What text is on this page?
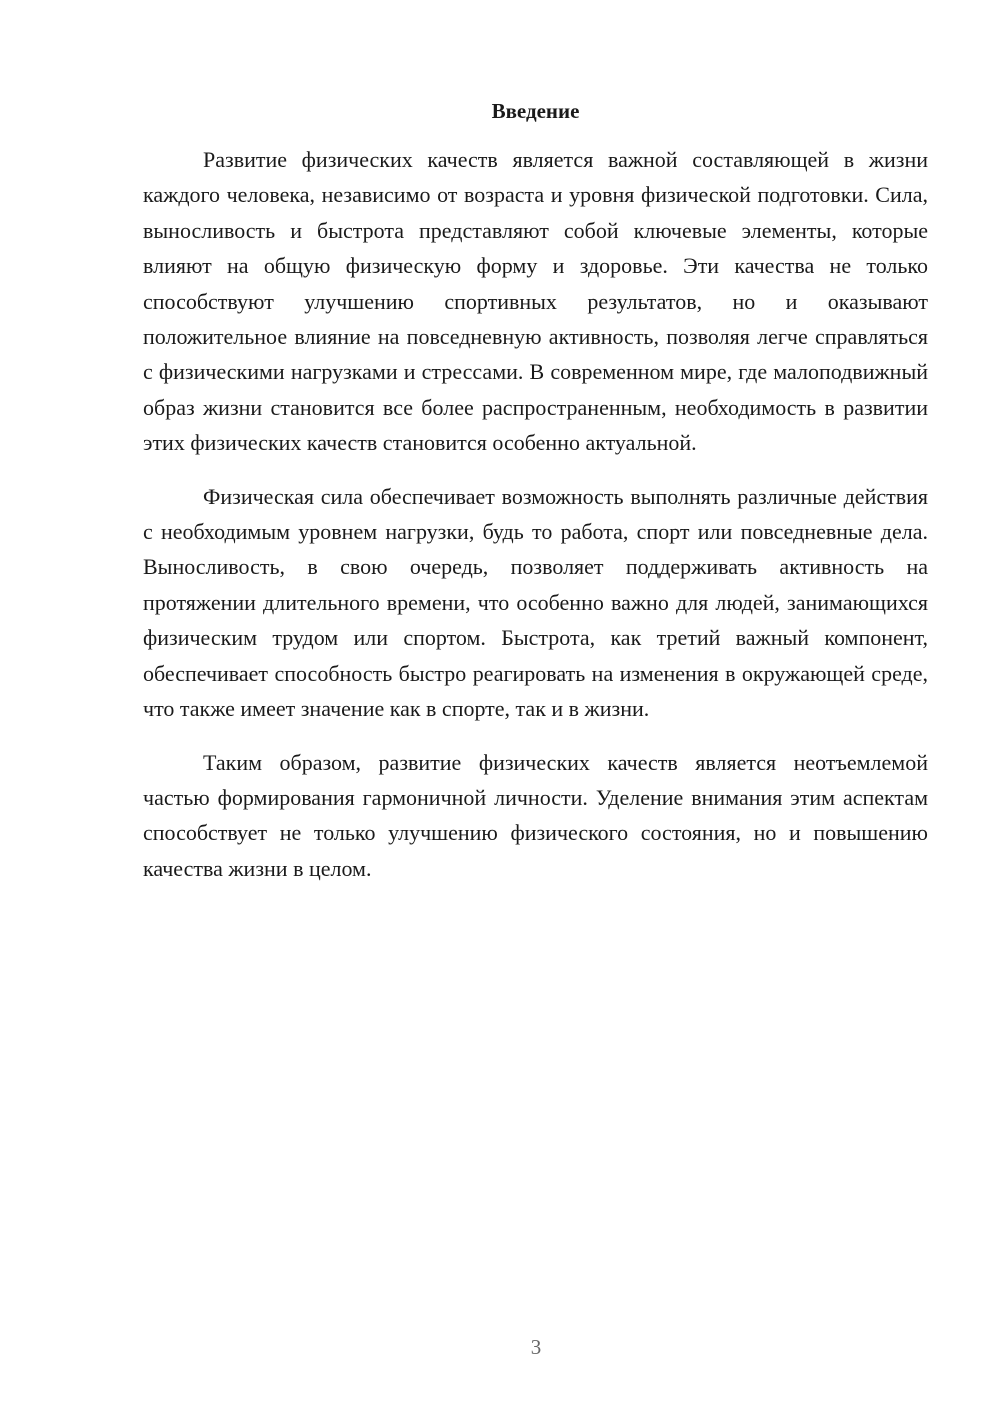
Введение

Развитие физических качеств является важной составляющей в жизни каждого человека, независимо от возраста и уровня физической подготовки. Сила, выносливость и быстрота представляют собой ключевые элементы, которые влияют на общую физическую форму и здоровье. Эти качества не только способствуют улучшению спортивных результатов, но и оказывают положительное влияние на повседневную активность, позволяя легче справляться с физическими нагрузками и стрессами. В современном мире, где малоподвижный образ жизни становится все более распространенным, необходимость в развитии этих физических качеств становится особенно актуальной.

Физическая сила обеспечивает возможность выполнять различные действия с необходимым уровнем нагрузки, будь то работа, спорт или повседневные дела. Выносливость, в свою очередь, позволяет поддерживать активность на протяжении длительного времени, что особенно важно для людей, занимающихся физическим трудом или спортом. Быстрота, как третий важный компонент, обеспечивает способность быстро реагировать на изменения в окружающей среде, что также имеет значение как в спорте, так и в жизни.

Таким образом, развитие физических качеств является неотъемлемой частью формирования гармоничной личности. Уделение внимания этим аспектам способствует не только улучшению физического состояния, но и повышению качества жизни в целом.

3
